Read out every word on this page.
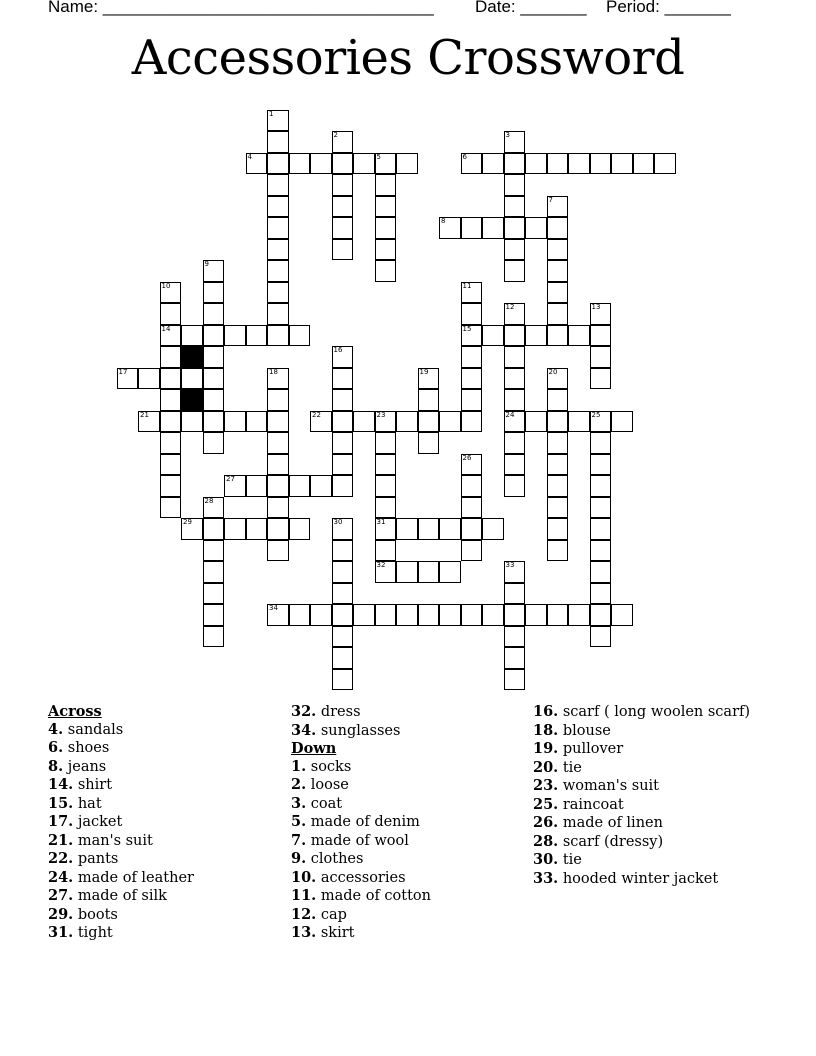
Name: ___________________________________ Date: _______ Period: _______
Accessories Crossword
4	5	6
8
14	15
17
21	22	23	24	25
27
29	31
32
34
1
2	3
7
9
10	11
12	13
16
18	19	20
26
28
30
33
Across
4. sandals
6. shoes
8. jeans
14. shirt
15. hat
17. jacket
21. man's suit
22. pants
24. made of leather
27. made of silk
29. boots
31. tight
32. dress
34. sunglasses
Down
1. socks
2. loose
3. coat
5. made of denim
7. made of wool
9. clothes
10. accessories
11. made of cotton
12. cap
13. skirt
16. scarf ( long woolen scarf)
18. blouse
19. pullover
20. tie
23. woman's suit
25. raincoat
26. made of linen
28. scarf (dressy)
30. tie
33. hooded winter jacket
